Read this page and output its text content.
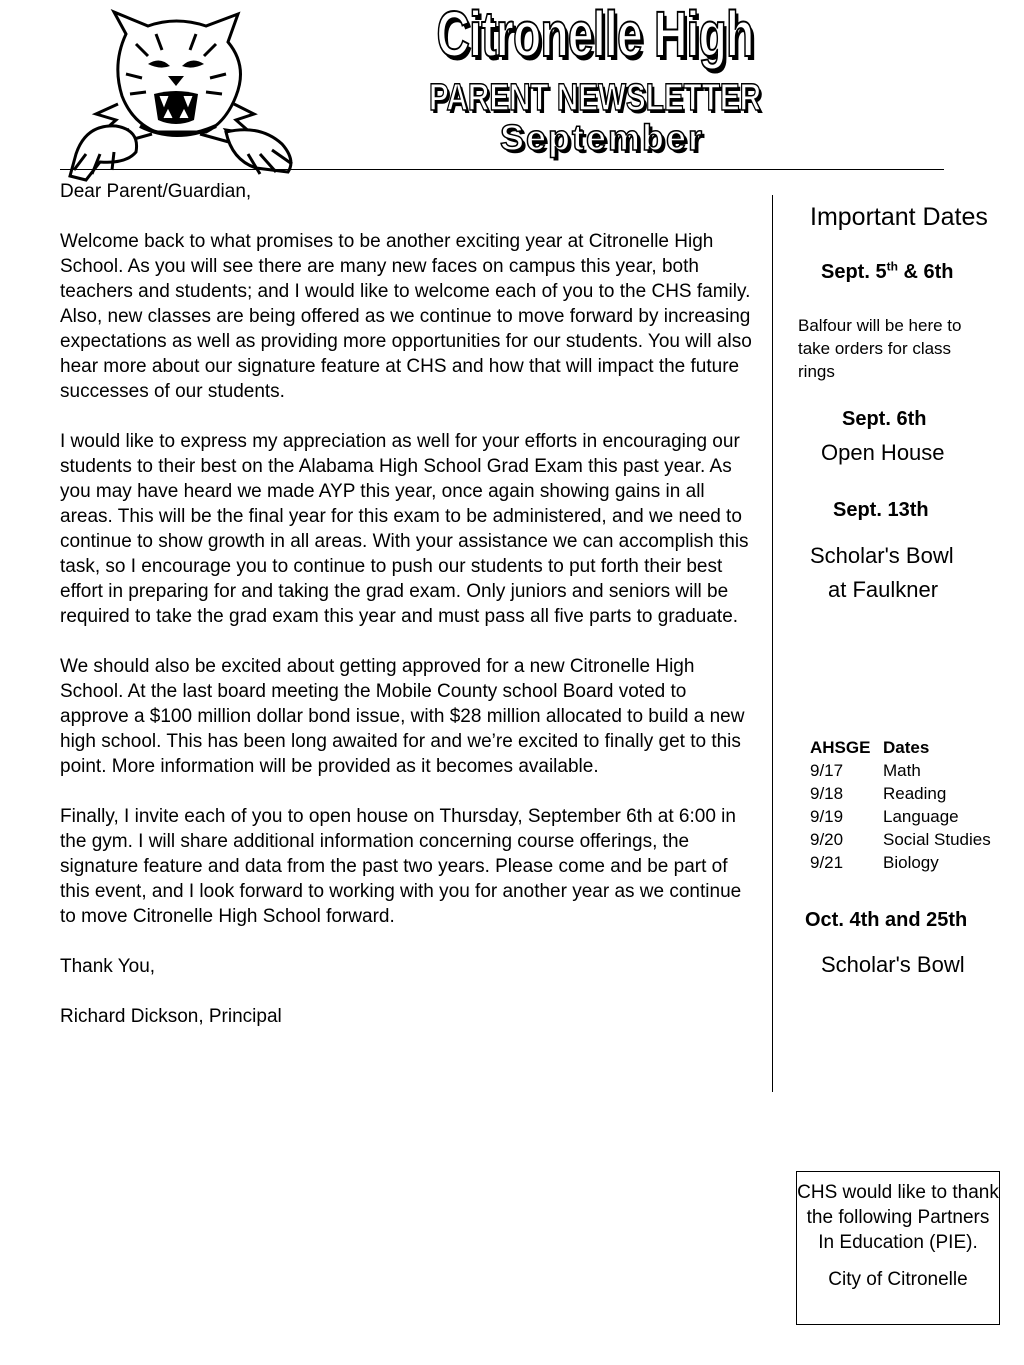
Citronelle High
PARENT NEWSLETTER
September

Dear Parent/Guardian,

Welcome back to what promises to be another exciting year at Citronelle High School. As you will see there are many new faces on campus this year, both teachers and students; and I would like to welcome each of you to the CHS family. Also, new classes are being offered as we continue to move forward by increasing expectations as well as providing more opportunities for our students. You will also hear more about our signature feature at CHS and how that will impact the future successes of our students.

I would like to express my appreciation as well for your efforts in encouraging our students to their best on the Alabama High School Grad Exam this past year. As you may have heard we made AYP this year, once again showing gains in all areas. This will be the final year for this exam to be administered, and we need to continue to show growth in all areas. With your assistance we can accomplish this task, so I encourage you to continue to push our students to put forth their best effort in preparing for and taking the grad exam. Only juniors and seniors will be required to take the grad exam this year and must pass all five parts to graduate.

We should also be excited about getting approved for a new Citronelle High School. At the last board meeting the Mobile County school Board voted to approve a $100 million dollar bond issue, with $28 million allocated to build a new high school. This has been long awaited for and we’re excited to finally get to this point. More information will be provided as it becomes available.

Finally, I invite each of you to open house on Thursday, September 6th at 6:00 in the gym. I will share additional information concerning course offerings, the signature feature and data from the past two years. Please come and be part of this event, and I look forward to working with you for another year as we continue to move Citronelle High School forward.

Thank You,

Richard Dickson, Principal

Important Dates
Sept. 5th & 6th
Balfour will be here to take orders for class rings
Sept. 6th
Open House
Sept. 13th
Scholar's Bowl
at Faulkner
AHSGE Dates
9/17	Math
9/18	Reading
9/19	Language
9/20	Social Studies
9/21	Biology
Oct. 4th and 25th
Scholar's Bowl

CHS would like to thank the following Partners In Education (PIE).

City of Citronelle
